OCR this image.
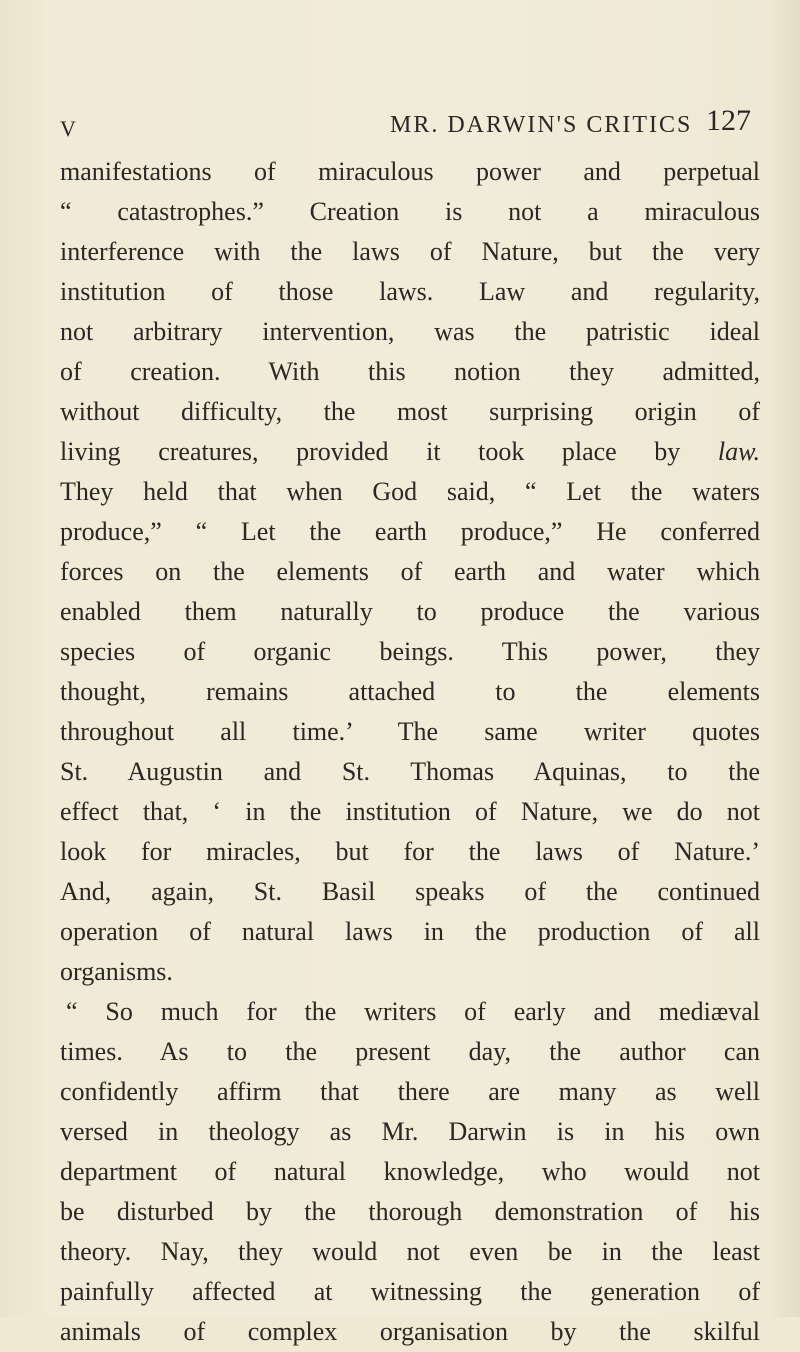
V	MR. DARWIN'S CRITICS 127
manifestations of miraculous power and perpetual
“ catastrophes.” Creation is not a miraculous
interference with the laws of Nature, but the very
institution of those laws. Law and regularity,
not arbitrary intervention, was the patristic ideal
of creation. With this notion they admitted,
without difficulty, the most surprising origin of
living creatures, provided it took place by law.
They held that when God said, “ Let the waters
produce,” “ Let the earth produce,” He conferred
forces on the elements of earth and water which
enabled them naturally to produce the various
species of organic beings. This power, they
thought, remains attached to the elements
throughout all time.’ The same writer quotes
St. Augustin and St. Thomas Aquinas, to the
effect that, ‘ in the institution of Nature, we do not
look for miracles, but for the laws of Nature.’
And, again, St. Basil speaks of the continued
operation of natural laws in the production of all
organisms.
“ So much for the writers of early and mediæval
times. As to the present day, the author can
confidently affirm that there are many as well
versed in theology as Mr. Darwin is in his own
department of natural knowledge, who would not
be disturbed by the thorough demonstration of his
theory. Nay, they would not even be in the least
painfully affected at witnessing the generation of
animals of complex organisation by the skilful
